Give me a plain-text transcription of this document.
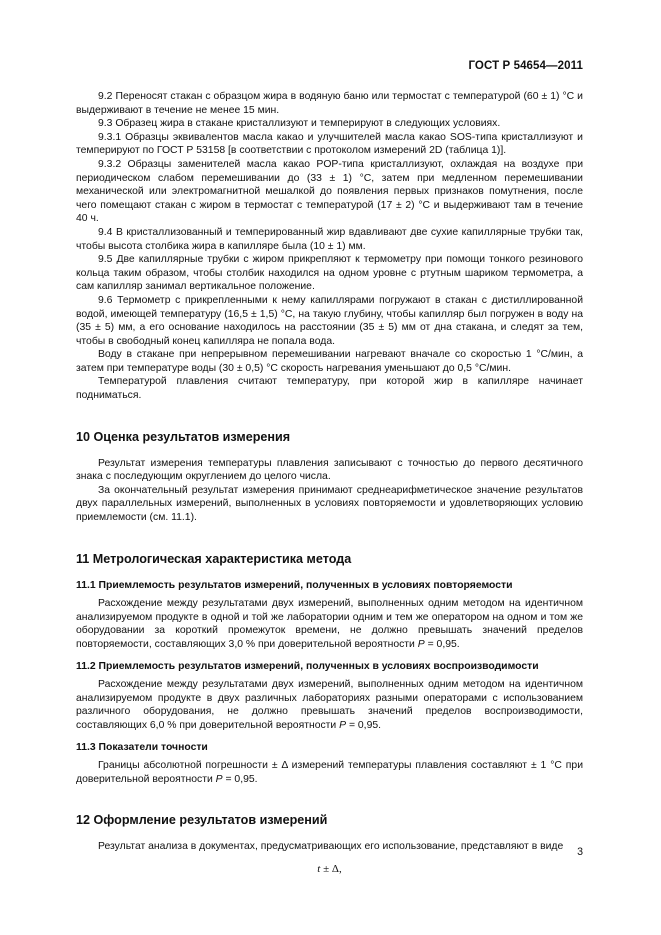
ГОСТ Р 54654—2011

9.2 Переносят стакан с образцом жира в водяную баню или термостат с температурой (60 ± 1) °С и выдерживают в течение не менее 15 мин.

9.3 Образец жира в стакане кристаллизуют и темперируют в следующих условиях.

9.3.1 Образцы эквивалентов масла какао и улучшителей масла какао SOS-типа кристаллизуют и темперируют по ГОСТ Р 53158 [в соответствии с протоколом измерений 2D (таблица 1)].

9.3.2 Образцы заменителей масла какао POP-типа кристаллизуют, охлаждая на воздухе при периодическом слабом перемешивании до (33 ± 1) °С, затем при медленном перемешивании механической или электромагнитной мешалкой до появления первых признаков помутнения, после чего помещают стакан с жиром в термостат с температурой (17 ± 2) °С и выдерживают там в течение 40 ч.

9.4 В кристаллизованный и темперированный жир вдавливают две сухие капиллярные трубки так, чтобы высота столбика жира в капилляре была (10 ± 1) мм.

9.5 Две капиллярные трубки с жиром прикрепляют к термометру при помощи тонкого резинового кольца таким образом, чтобы столбик находился на одном уровне с ртутным шариком термометра, а сам капилляр занимал вертикальное положение.

9.6 Термометр с прикрепленными к нему капиллярами погружают в стакан с дистиллированной водой, имеющей температуру (16,5 ± 1,5) °С, на такую глубину, чтобы капилляр был погружен в воду на (35 ± 5) мм, а его основание находилось на расстоянии (35 ± 5) мм от дна стакана, и следят за тем, чтобы в свободный конец капилляра не попала вода.

Воду в стакане при непрерывном перемешивании нагревают вначале со скоростью 1 °С/мин, а затем при температуре воды (30 ± 0,5) °С скорость нагревания уменьшают до 0,5 °С/мин.

Температурой плавления считают температуру, при которой жир в капилляре начинает подниматься.

10 Оценка результатов измерения

Результат измерения температуры плавления записывают с точностью до первого десятичного знака с последующим округлением до целого числа.

За окончательный результат измерения принимают среднеарифметическое значение результатов двух параллельных измерений, выполненных в условиях повторяемости и удовлетворяющих условию приемлемости (см. 11.1).

11 Метрологическая характеристика метода
11.1 Приемлемость результатов измерений, полученных в условиях повторяемости

Расхождение между результатами двух измерений, выполненных одним методом на идентичном анализируемом продукте в одной и той же лаборатории одним и тем же оператором на одном и том же оборудовании за короткий промежуток времени, не должно превышать значений пределов повторяемости, составляющих 3,0 % при доверительной вероятности P = 0,95.

11.2 Приемлемость результатов измерений, полученных в условиях воспроизводимости

Расхождение между результатами двух измерений, выполненных одним методом на идентичном анализируемом продукте в двух различных лабораториях разными операторами с использованием различного оборудования, не должно превышать значений пределов воспроизводимости, составляющих 6,0 % при доверительной вероятности P = 0,95.

11.3 Показатели точности

Границы абсолютной погрешности ± Δ измерений температуры плавления составляют ± 1 °С при доверительной вероятности P = 0,95.

12 Оформление результатов измерений

Результат анализа в документах, предусматривающих его использование, представляют в виде

t ± Δ,
3
